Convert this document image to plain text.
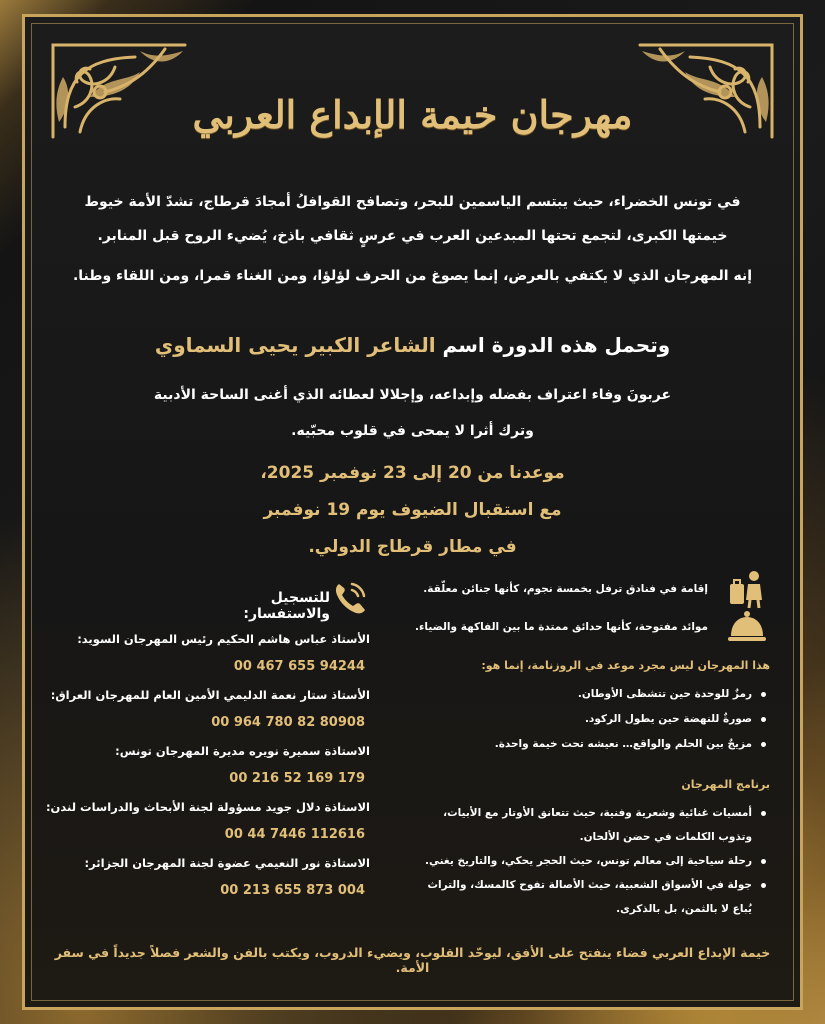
مهرجان خيمة الإبداع العربي

في تونس الخضراء، حيث يبتسم الياسمين للبحر، وتصافح القوافلُ أمجادَ قرطاج، تشدّ الأمة خيوط خيمتها الكبرى، لتجمع تحتها المبدعين العرب في عرسٍ ثقافي باذخ، يُضيء الروح قبل المنابر.

إنه المهرجان الذي لا يكتفي بالعرض، إنما يصوغ من الحرف لؤلؤا، ومن الغناء قمرا، ومن اللقاء وطنا.

وتحمل هذه الدورة اسم الشاعر الكبير يحيى السماوي
عربونَ وفاء اعتراف بفضله وإبداعه، وإجلالا لعطائه الذي أغنى الساحة الأدبية
وترك أثرا لا يمحى في قلوب محبّيه.
موعدنا من 20 إلى 23 نوفمبر 2025،
مع استقبال الضيوف يوم 19 نوفمبر
في مطار قرطاج الدولي.
للتسجيل والاستفسار:
الأستاذ عباس هاشم الحكيم رئيس المهرجان السويد:
00 467 655 94244
الأستاذ ستار نعمة الدليمي الأمين العام للمهرجان العراق:
00 964 780 82 80908
الاستاذة سميرة نويره مديرة المهرجان تونس:
00 216 52 169 179
الاستاذة دلال جويد مسؤولة لجنة الأبحاث والدراسات لندن:
00 44 7446 112616
الاستاذة نور النعيمي عضوة لجنة المهرجان الجزائر:
00 213 655 873 004
إقامة في فنادق ترفل بخمسة نجوم، كأنها جنائن معلّقة.
موائد مفتوحة، كأنها حدائق ممتدة ما بين الفاكهة والضياء.
هذا المهرجان ليس مجرد موعد في الروزنامة، إنما هو:
رمزٌ للوحدة حين تتشظى الأوطان.
صورةٌ للنهضة حين يطول الركود.
مزيجٌ بين الحلم والواقع… نعيشه تحت خيمة واحدة.
برنامج المهرجان
أمسيات غنائية وشعرية وفنية، حيث تتعانق الأوتار مع الأبيات، وتذوب الكلمات في حضن الألحان.
رحلة سياحية إلى معالم تونس، حيث الحجر يحكي، والتاريخ يغني.
جولة في الأسواق الشعبية، حيث الأصالة تفوح كالمسك، والتراث يُباع لا بالثمن، بل بالذكرى.
خيمة الإبداع العربي فضاء ينفتح على الأفق، ليوحّد القلوب، ويضيء الدروب، ويكتب بالفن والشعر فصلاً جديداً في سفر الأمة.
